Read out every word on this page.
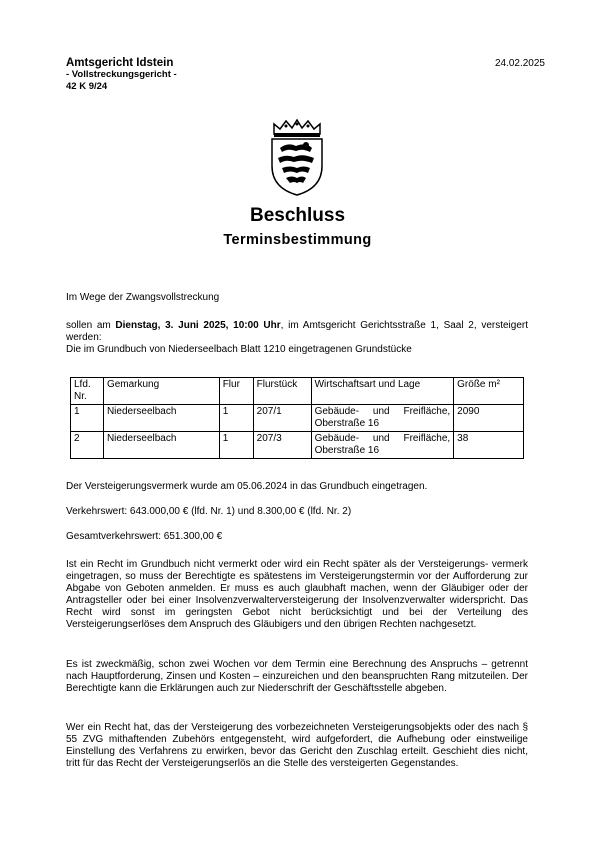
Amtsgericht Idstein
- Vollstreckungsgericht -
42 K 9/24
24.02.2025
Beschluss
Terminsbestimmung
Im Wege der Zwangsvollstreckung
sollen am Dienstag, 3. Juni 2025, 10:00 Uhr, im Amtsgericht Gerichtsstraße 1, Saal 2, versteigert werden:
Die im Grundbuch von Niederseelbach Blatt 1210 eingetragenen Grundstücke
Lfd. Nr.	Gemarkung	Flur	Flurstück	Wirtschaftsart und Lage	Größe m²
1	Niederseelbach	1	207/1	Gebäude- und Freifläche, Oberstraße 16	2090
2	Niederseelbach	1	207/3	Gebäude- und Freifläche, Oberstraße 16	38
Der Versteigerungsvermerk wurde am 05.06.2024 in das Grundbuch eingetragen.
Verkehrswert: 643.000,00 € (lfd. Nr. 1) und 8.300,00 € (lfd. Nr. 2)
Gesamtverkehrswert: 651.300,00 €
Ist ein Recht im Grundbuch nicht vermerkt oder wird ein Recht später als der Versteigerungs- vermerk eingetragen, so muss der Berechtigte es spätestens im Versteigerungstermin vor der Aufforderung zur Abgabe von Geboten anmelden. Er muss es auch glaubhaft machen, wenn der Gläubiger oder der Antragsteller oder bei einer Insolvenzverwalterversteigerung der Insolvenzverwalter widerspricht. Das Recht wird sonst im geringsten Gebot nicht berücksichtigt und bei der Verteilung des Versteigerungserlöses dem Anspruch des Gläubigers und den übrigen Rechten nachgesetzt.
Es ist zweckmäßig, schon zwei Wochen vor dem Termin eine Berechnung des Anspruchs – getrennt nach Hauptforderung, Zinsen und Kosten – einzureichen und den beanspruchten Rang mitzuteilen. Der Berechtigte kann die Erklärungen auch zur Niederschrift der Geschäftsstelle abgeben.
Wer ein Recht hat, das der Versteigerung des vorbezeichneten Versteigerungsobjekts oder des nach § 55 ZVG mithaftenden Zubehörs entgegensteht, wird aufgefordert, die Aufhebung oder einstweilige Einstellung des Verfahrens zu erwirken, bevor das Gericht den Zuschlag erteilt. Geschieht dies nicht, tritt für das Recht der Versteigerungserlös an die Stelle des versteigerten Gegenstandes.
